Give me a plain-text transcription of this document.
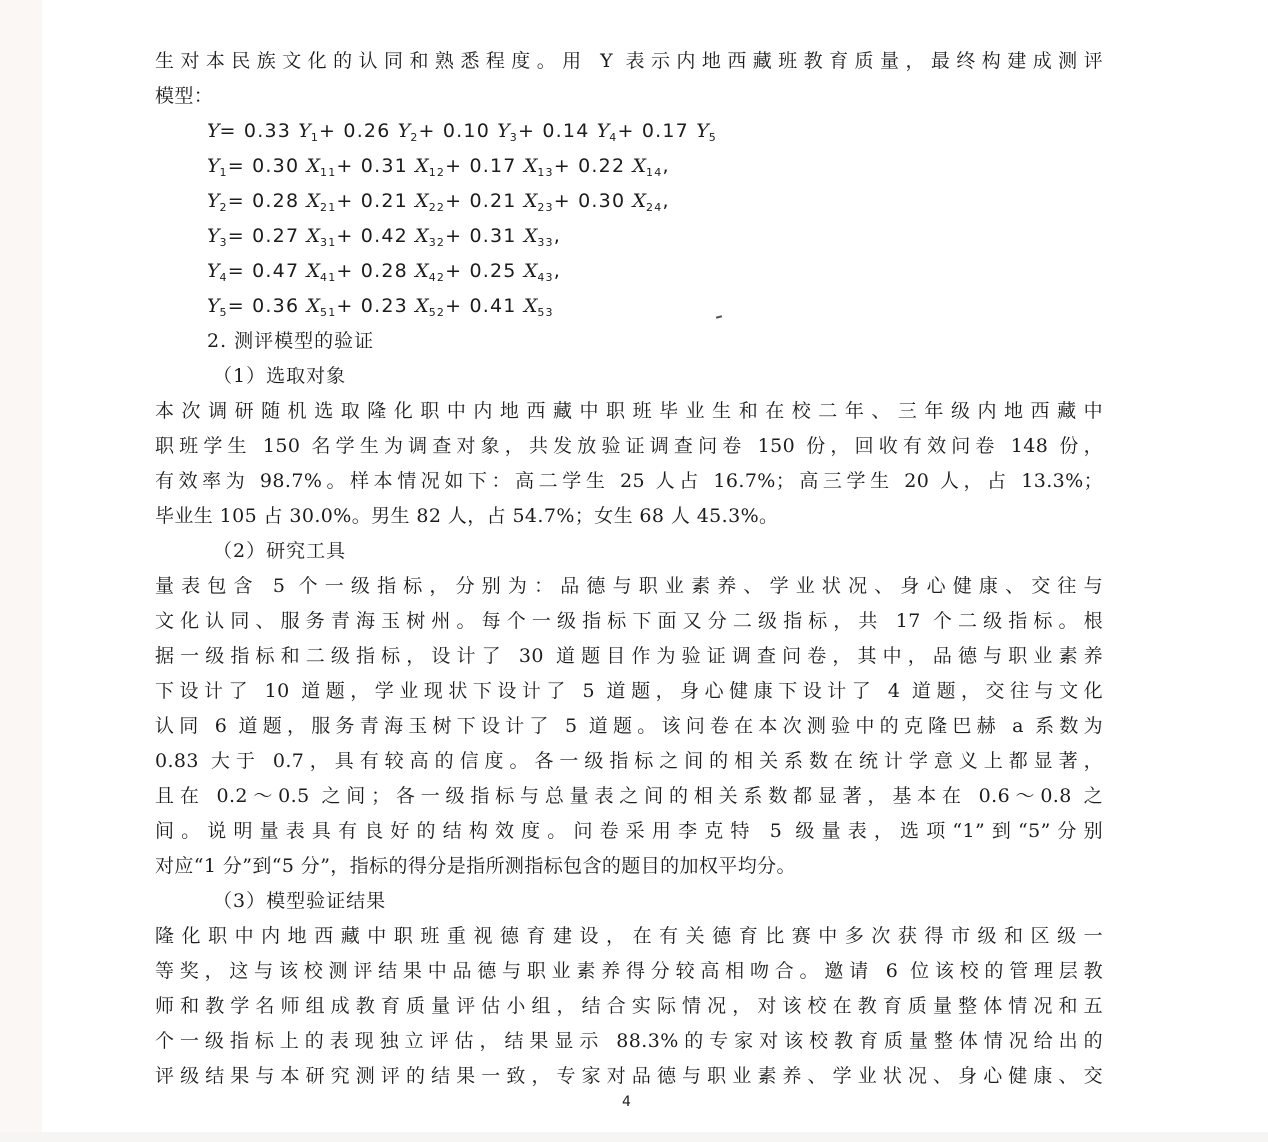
生对本民族文化的认同和熟悉程度。用 Y 表示内地西藏班教育质量，最终构建成测评
模型：
Y= 0.33 $Y_1+ 0.26$ $Y_2+ 0.10$ $Y_3+ 0.14$ $Y_4+ 0.17$ $Y_5$
$Y_1= 0.30$ $X_{11}+ 0.31$ $X_{12}+ 0.17$ $X_{13}+ 0.22$ $X_{14}$,
$Y_2= 0.28$ $X_{21}+ 0.21$ $X_{22}+ 0.21$ $X_{23}+ 0.30$ $X_{24}$,
$Y_3= 0.27$ $X_{31}+ 0.42$ $X_{32}+ 0.31$ $X_{33}$,
$Y_4= 0.47$ $X_{41}+ 0.28$ $X_{42}+ 0.25$ $X_{43}$,
$Y_5= 0.36$ $X_{51}+ 0.23$ $X_{52}+ 0.41$ $X_{53}$
2. 测评模型的验证
（1）选取对象
本次调研随机选取隆化职中内地西藏中职班毕业生和在校二年、三年级内地西藏中
职班学生 150 名学生为调查对象，共发放验证调查问卷 150 份，回收有效问卷 148 份，
有效率为 98.7%。样本情况如下：高二学生 25 人占 16.7%；高三学生 20 人，占 13.3%；
毕业生 105 占 30.0%。男生 82 人，占 54.7%；女生 68 人 45.3%。
（2）研究工具
量表包含 5 个一级指标，分别为：品德与职业素养、学业状况、身心健康、交往与
文化认同、服务青海玉树州。每个一级指标下面又分二级指标，共 17 个二级指标。根
据一级指标和二级指标，设计了 30 道题目作为验证调查问卷，其中，品德与职业素养
下设计了 10 道题，学业现状下设计了 5 道题，身心健康下设计了 4 道题，交往与文化
认同 6 道题，服务青海玉树下设计了 5 道题。该问卷在本次测验中的克隆巴赫 a 系数为
0.83 大于 0.7，具有较高的信度。各一级指标之间的相关系数在统计学意义上都显著，
且在 0.2～0.5 之间；各一级指标与总量表之间的相关系数都显著，基本在 0.6～0.8 之
间。说明量表具有良好的结构效度。问卷采用李克特 5 级量表，选项“1”到“5”分别
对应“1 分”到“5 分”，指标的得分是指所测指标包含的题目的加权平均分。
（3）模型验证结果
隆化职中内地西藏中职班重视德育建设，在有关德育比赛中多次获得市级和区级一
等奖，这与该校测评结果中品德与职业素养得分较高相吻合。邀请 6 位该校的管理层教
师和教学名师组成教育质量评估小组，结合实际情况，对该校在教育质量整体情况和五
个一级指标上的表现独立评估，结果显示 88.3%的专家对该校教育质量整体情况给出的
评级结果与本研究测评的结果一致，专家对品德与职业素养、学业状况、身心健康、交
4
